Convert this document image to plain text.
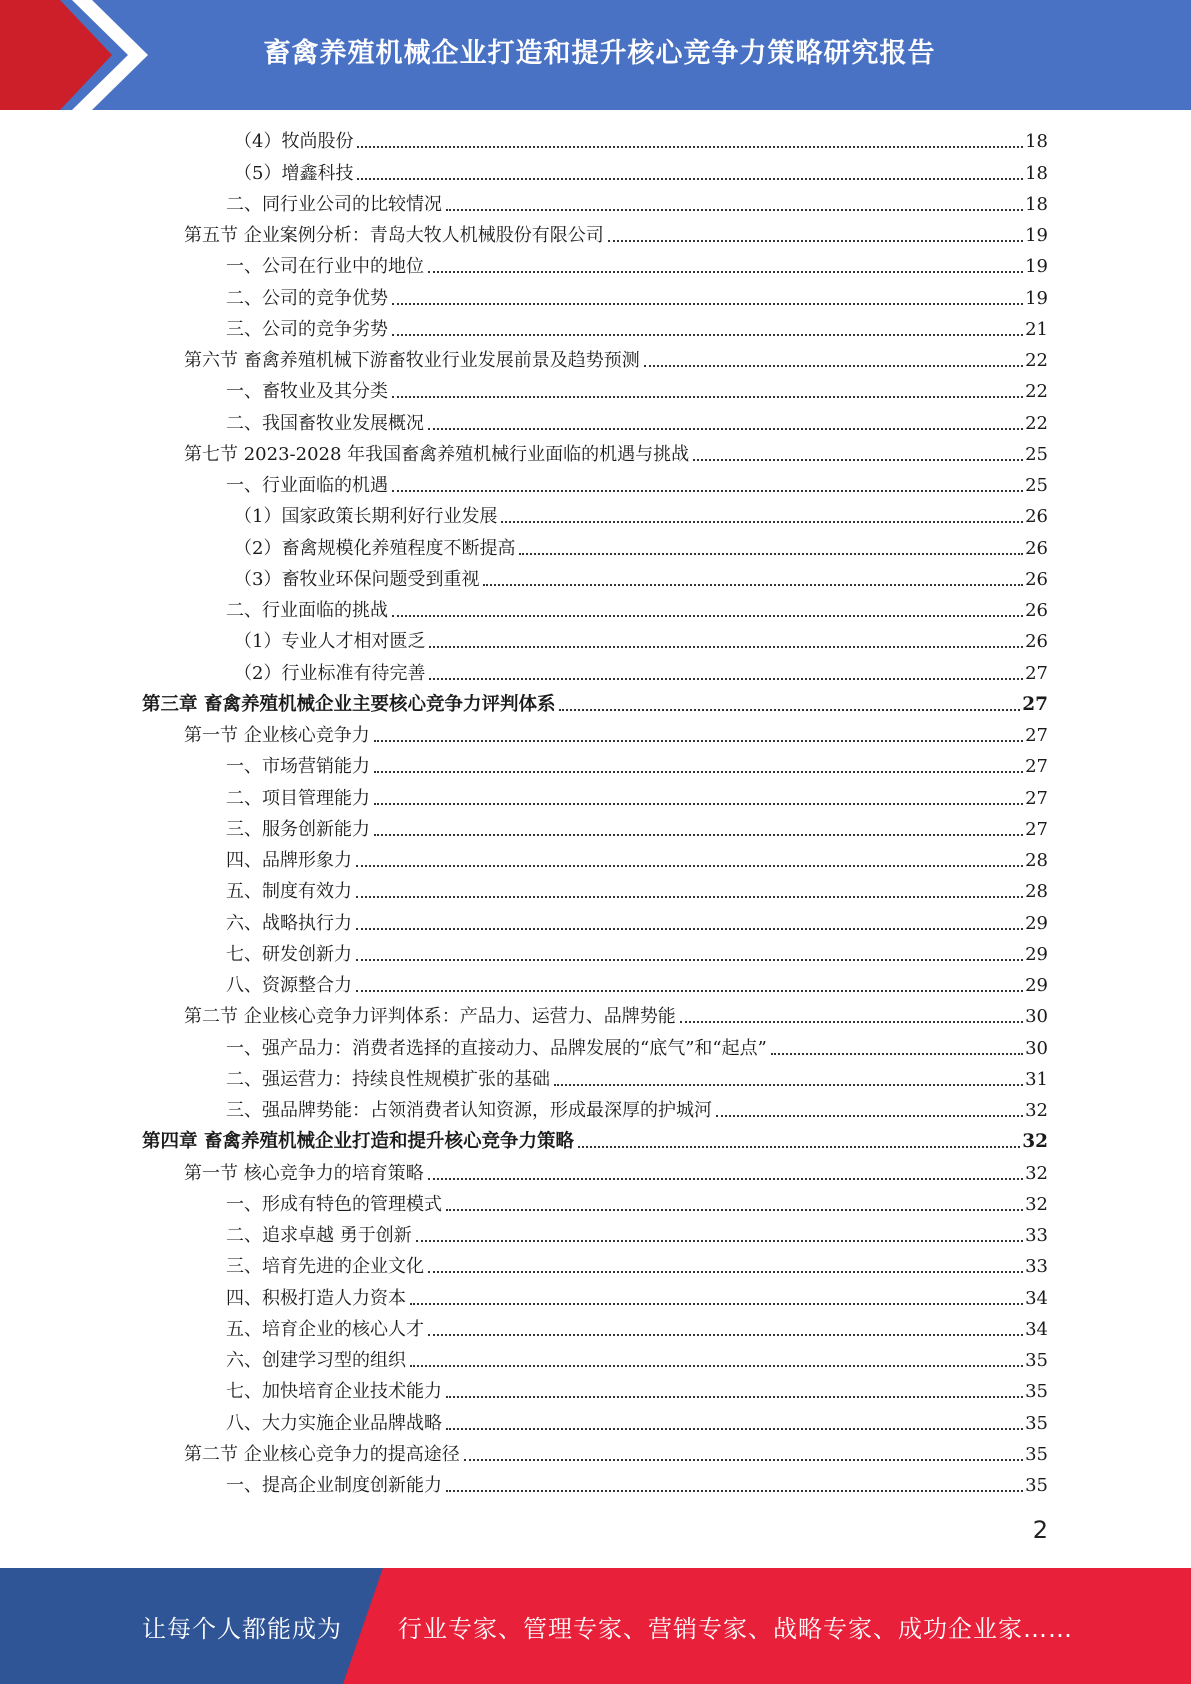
畜禽养殖机械企业打造和提升核心竞争力策略研究报告
（4）牧尚股份	18
（5）增鑫科技	18
二、同行业公司的比较情况	18
第五节 企业案例分析：青岛大牧人机械股份有限公司	19
一、公司在行业中的地位	19
二、公司的竞争优势	19
三、公司的竞争劣势	21
第六节 畜禽养殖机械下游畜牧业行业发展前景及趋势预测	22
一、畜牧业及其分类	22
二、我国畜牧业发展概况	22
第七节 2023-2028 年我国畜禽养殖机械行业面临的机遇与挑战	25
一、行业面临的机遇	25
（1）国家政策长期利好行业发展	26
（2）畜禽规模化养殖程度不断提高	26
（3）畜牧业环保问题受到重视	26
二、行业面临的挑战	26
（1）专业人才相对匮乏	26
（2）行业标准有待完善	27
第三章 畜禽养殖机械企业主要核心竞争力评判体系	27
第一节 企业核心竞争力	27
一、市场营销能力	27
二、项目管理能力	27
三、服务创新能力	27
四、品牌形象力	28
五、制度有效力	28
六、战略执行力	29
七、研发创新力	29
八、资源整合力	29
第二节 企业核心竞争力评判体系：产品力、运营力、品牌势能	30
一、强产品力：消费者选择的直接动力、品牌发展的“底气”和“起点”	30
二、强运营力：持续良性规模扩张的基础	31
三、强品牌势能：占领消费者认知资源，形成最深厚的护城河	32
第四章 畜禽养殖机械企业打造和提升核心竞争力策略	32
第一节 核心竞争力的培育策略	32
一、形成有特色的管理模式	32
二、追求卓越 勇于创新	33
三、培育先进的企业文化	33
四、积极打造人力资本	34
五、培育企业的核心人才	34
六、创建学习型的组织	35
七、加快培育企业技术能力	35
八、大力实施企业品牌战略	35
第二节 企业核心竞争力的提高途径	35
一、提高企业制度创新能力	35
2
让每个人都能成为 行业专家、管理专家、营销专家、战略专家、成功企业家……
